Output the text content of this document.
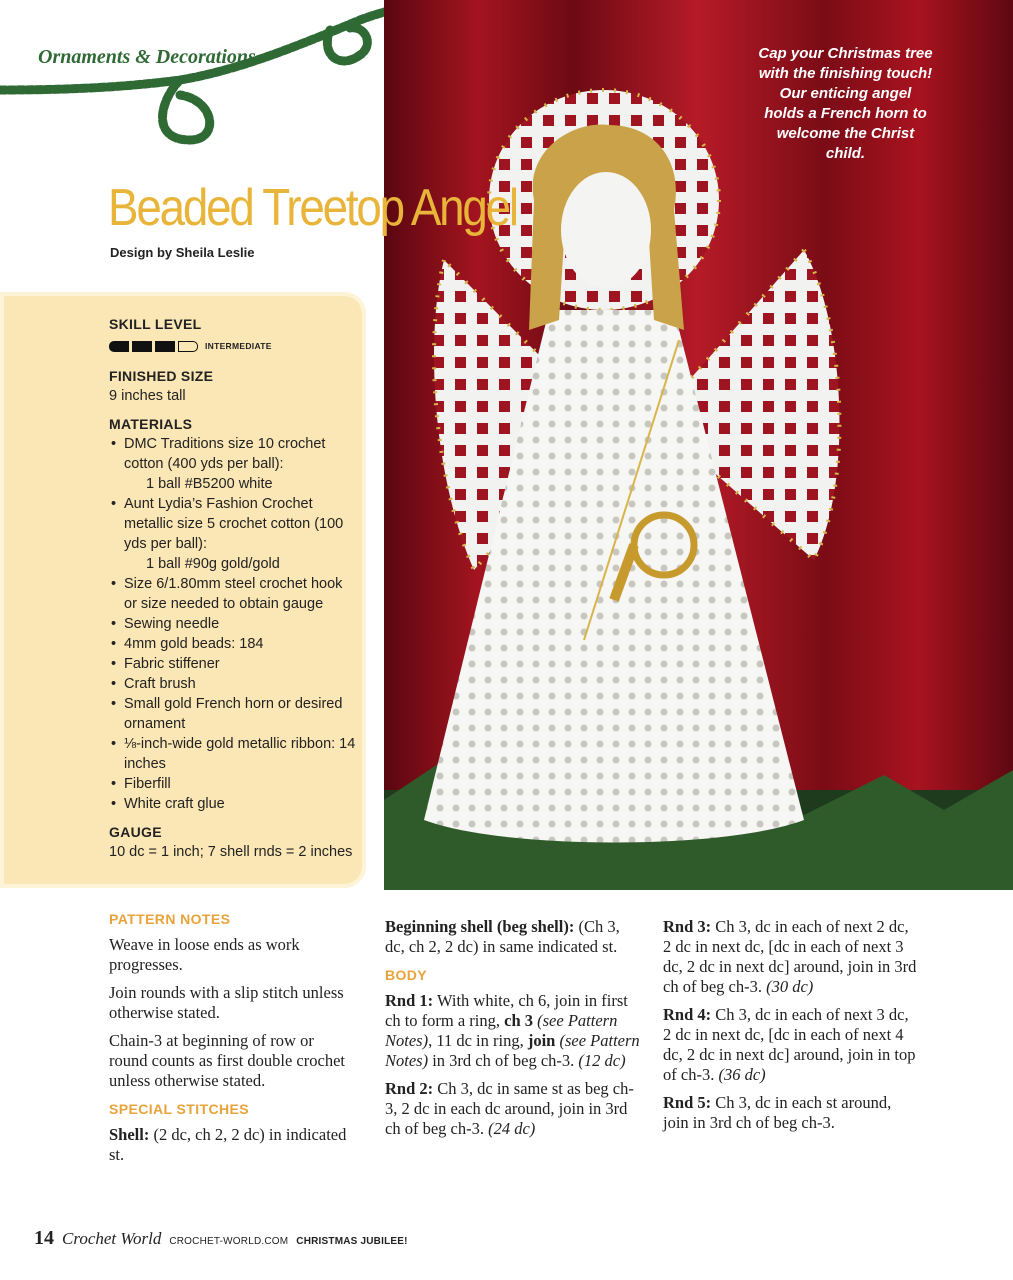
Ornaments & Decorations	Cap your Christmas tree with the finishing touch! Our enticing angel holds a French horn to welcome the Christ child.
Beaded Treetop Angel
Design by Sheila Leslie

SKILL LEVEL

INTERMEDIATE

FINISHED SIZE

9 inches tall

MATERIALS

• DMC Traditions size 10 crochet cotton (400 yds per ball):
1 ball #B5200 white
• Aunt Lydia’s Fashion Crochet metallic size 5 crochet cotton (100 yds per ball):
1 ball #90g gold/gold
• Size 6/1.80mm steel crochet hook or size needed to obtain gauge
• Sewing needle
• 4mm gold beads: 184
• Fabric stiffener
• Craft brush
• Small gold French horn or desired ornament
• ⅛-inch-wide gold metallic ribbon: 14 inches
• Fiberfill
• White craft glue

GAUGE

10 dc = 1 inch; 7 shell rnds = 2 inches

PATTERN NOTES

Weave in loose ends as work progresses.

Join rounds with a slip stitch unless otherwise stated.

Chain-3 at beginning of row or round counts as first double crochet unless otherwise stated.

SPECIAL STITCHES

Shell: (2 dc, ch 2, 2 dc) in indicated st.

Beginning shell (beg shell): (Ch 3, dc, ch 2, 2 dc) in same indicated st.

BODY

Rnd 1: With white, ch 6, join in first ch to form a ring, ch 3 (see Pattern Notes), 11 dc in ring, join (see Pattern Notes) in 3rd ch of beg ch-3. (12 dc)

Rnd 2: Ch 3, dc in same st as beg ch-3, 2 dc in each dc around, join in 3rd ch of beg ch-3. (24 dc)

Rnd 3: Ch 3, dc in each of next 2 dc, 2 dc in next dc, [dc in each of next 3 dc, 2 dc in next dc] around, join in 3rd ch of beg ch-3. (30 dc)

Rnd 4: Ch 3, dc in each of next 3 dc, 2 dc in next dc, [dc in each of next 4 dc, 2 dc in next dc] around, join in top of ch-3. (36 dc)

Rnd 5: Ch 3, dc in each st around, join in 3rd ch of beg ch-3.

14 Crochet World CROCHET-WORLD.COM CHRISTMAS JUBILEE!
